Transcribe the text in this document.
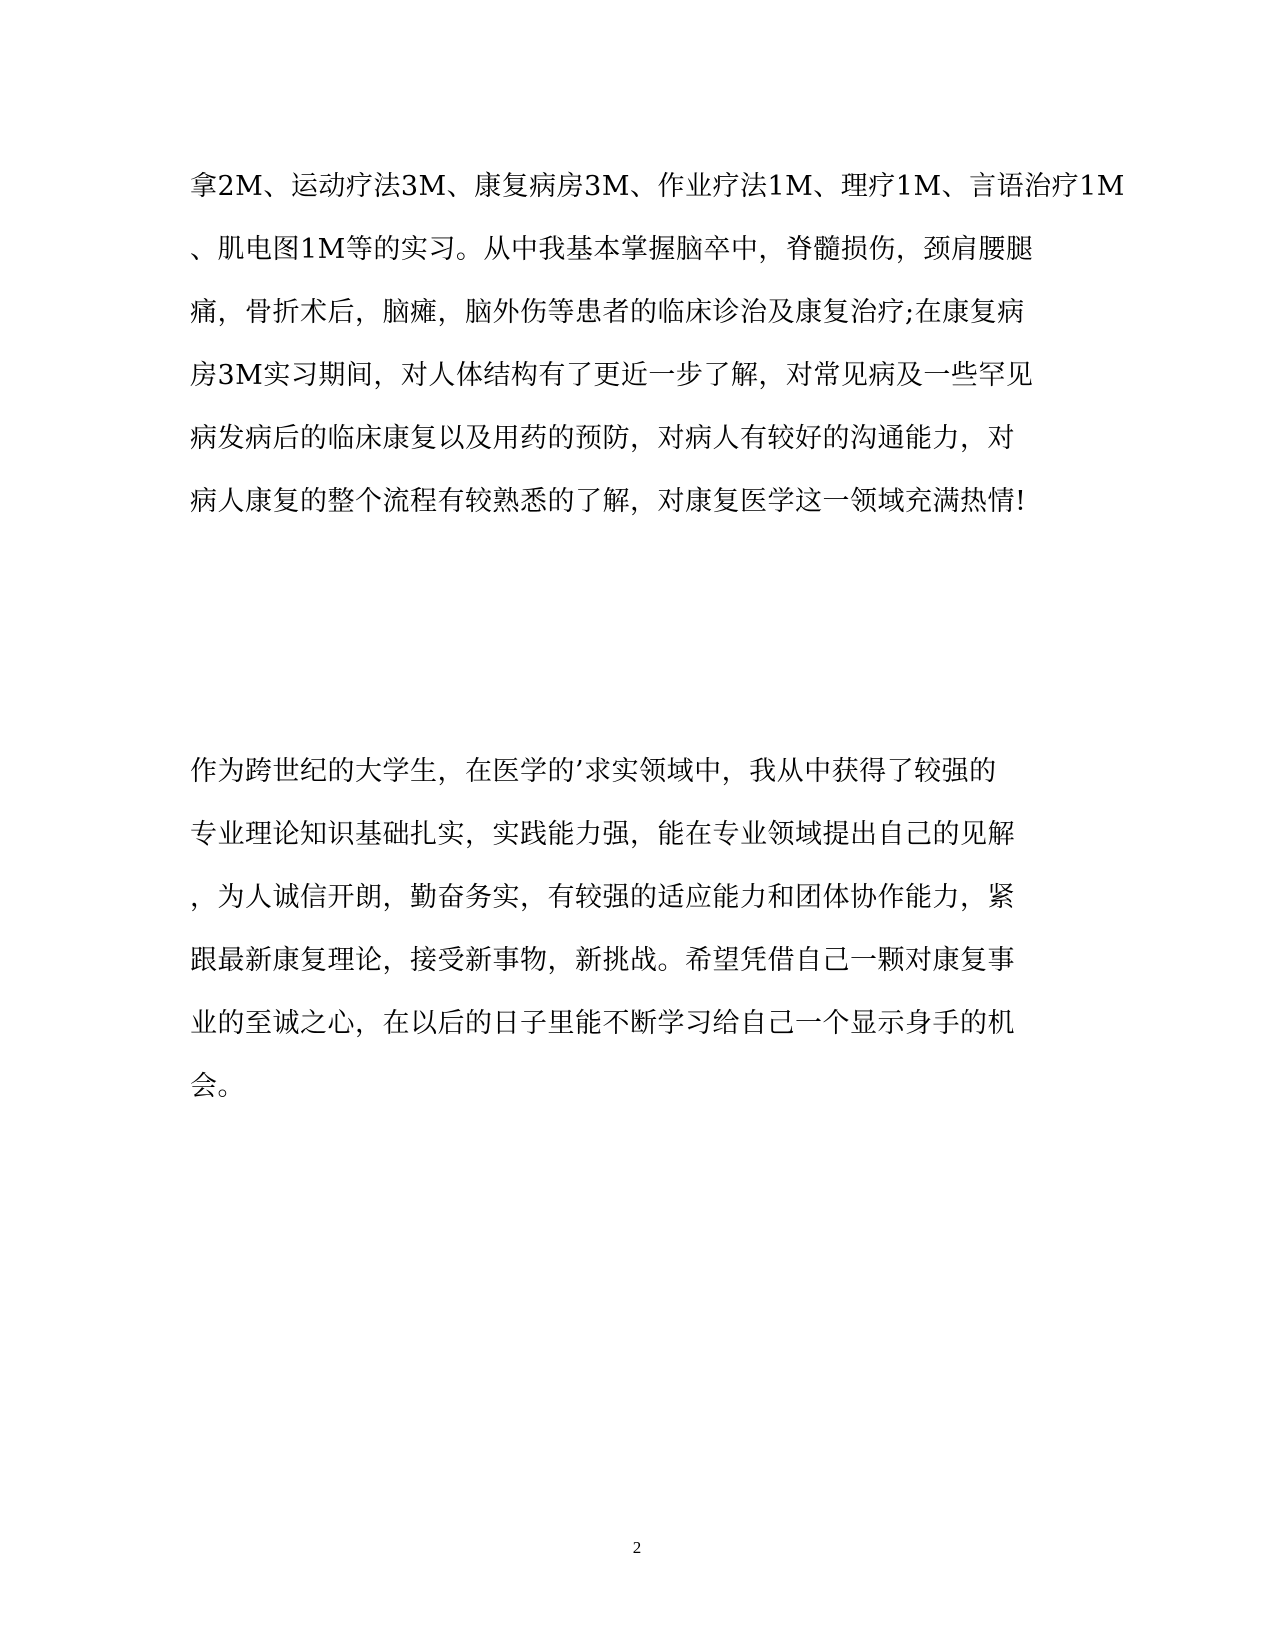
拿2M、运动疗法3M、康复病房3M、作业疗法1M、理疗1M、言语治疗1M
、肌电图1M等的实习。从中我基本掌握脑卒中，脊髓损伤，颈肩腰腿
痛，骨折术后，脑瘫，脑外伤等患者的临床诊治及康复治疗;在康复病
房3M实习期间，对人体结构有了更近一步了解，对常见病及一些罕见
病发病后的临床康复以及用药的预防，对病人有较好的沟通能力，对
病人康复的整个流程有较熟悉的了解，对康复医学这一领域充满热情!
作为跨世纪的大学生，在医学的’求实领域中，我从中获得了较强的
专业理论知识基础扎实，实践能力强，能在专业领域提出自己的见解
，为人诚信开朗，勤奋务实，有较强的适应能力和团体协作能力，紧
跟最新康复理论，接受新事物，新挑战。希望凭借自己一颗对康复事
业的至诚之心，在以后的日子里能不断学习给自己一个显示身手的机
会。
2
